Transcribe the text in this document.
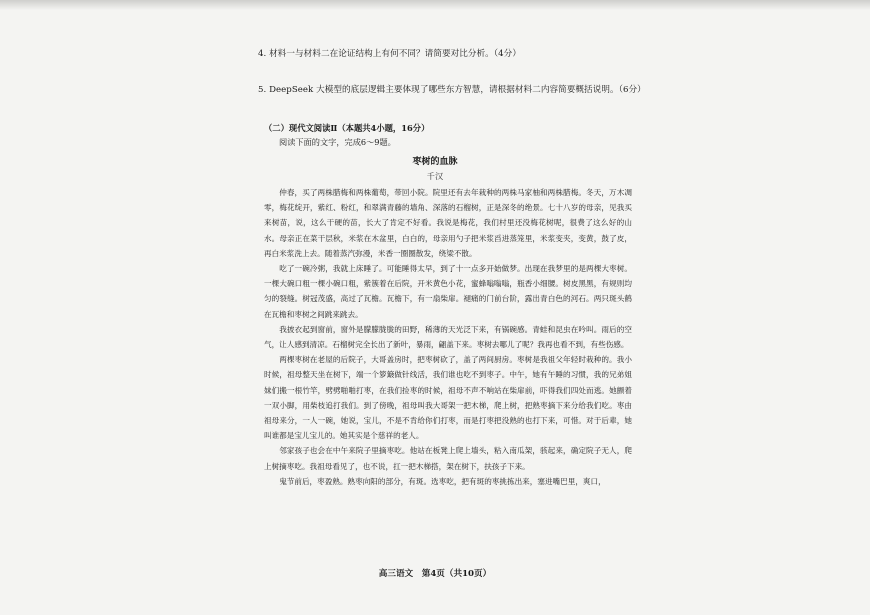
4. 材料一与材料二在论证结构上有何不同？请简要对比分析。（4分）
5. DeepSeek 大模型的底层逻辑主要体现了哪些东方智慧，请根据材料二内容简要概括说明。（6分）
（二）现代文阅读Ⅱ（本题共4小题，16分）
阅读下面的文字，完成6～9题。
枣树的血脉
千汉

仲春，买了两株腊梅和两株葡萄，带回小院。院里还有去年栽种的两株马家柚和两株腊梅。冬天，万木凋零，梅花绽开，紫红、粉红，和翠满青藤的墙角、深落的石榴树，正是深冬的绝景。七十八岁的母亲，见我买来树苗，说，这么干硬的苗，长大了肯定不好看。我说是梅花，我们村里还没梅花树呢，很费了这么好的山水。母亲正在菜干层秋，米浆在木盆里，白白的，母亲用勺子把米浆舀进蒸笼里，米浆变夹，变黄，鼓了皮，再白米浆洗上去。随着蒸汽弥漫，米香一圈圈散发，绕梁不散。

吃了一碗冷粥，我就上床睡了。可能睡得太早，到了十一点多开始做梦。出现在我梦里的是两棵大枣树。一棵大碗口粗一棵小碗口粗，紫簇着在后院，开米黄色小花，蜜蜂嗡嗡嗡，瓶香小细腰。树皮黑黑，有规则均匀的裂缝。树冠茂盛，高过了瓦檐。瓦檐下，有一扇柴扉。褪痛的门前台阶，露出青白色的河石。两只斑头鹤在瓦檐和枣树之间跳来跳去。

我披衣起到窗前，窗外是朦朦胧胧的田野，稀薄的天光泛下来，有锅碗感。青蛙和昆虫在吟叫。雨后的空气，让人感到清凉。石榴树完全长出了新叶，暴雨，翩盖下来。枣树去哪儿了呢？我再也看不到，有些伤感。

两棵枣树在老屋的后院子，大哥盖房时，把枣树砍了，盖了两间厨房。枣树是我祖父年轻时栽种的。我小时候，祖母整天坐在树下，端一个箩簸做针线活，我们谁也吃不到枣子。中午，她有午睡的习惯，我的兄弟姐妹们搬一根竹竿，劈劈啪啪打枣，在我们捡枣的时候，祖母不声不响站在柴扉前，吓得我们四处而逃。她颤着一双小脚，用柴枝追打我们。到了傍晚，祖母叫我大哥架一把木梯，爬上树，把熟枣摘下来分给我们吃。枣由祖母来分，一人一碗，她说，宝儿，不是不肯给你们打枣，而是打枣把没熟的也打下来，可惜。对于后辈，她叫谁都是宝儿宝儿的。她其实是个慈祥的老人。

邻家孩子也会在中午来院子里摘枣吃。他站在板凳上爬上墙头，粘入南瓜架，骇起来，确定院子无人，爬上树摘枣吃。我祖母看见了，也不说，扛一把木梯搭，架在树下，扶孩子下来。

鬼节前后，枣盈熟。熟枣向阳的部分，有斑。选枣吃，把有斑的枣挑拣出来，塞进嘴巴里，爽口，

高三语文　第4页（共10页）
